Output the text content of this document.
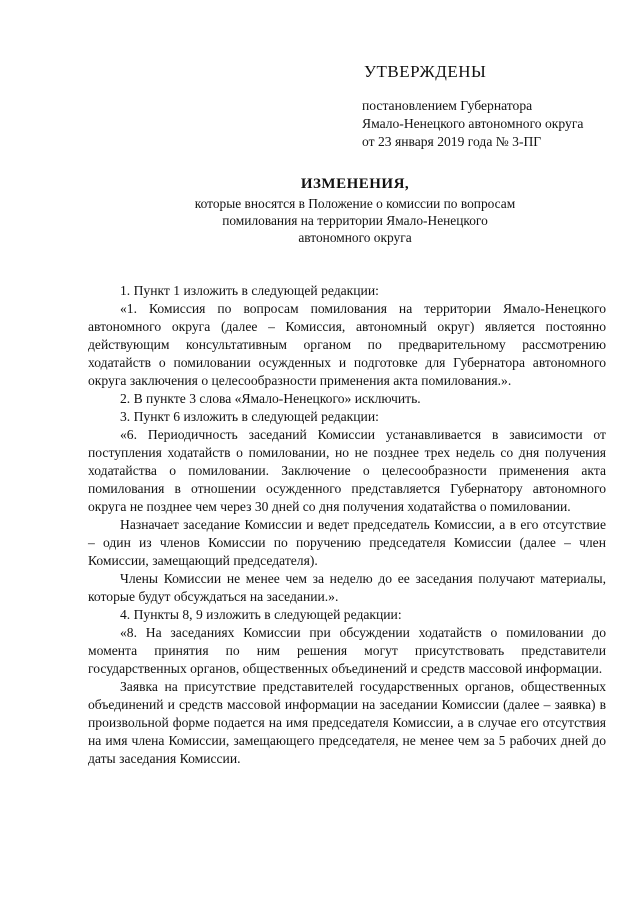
УТВЕРЖДЕНЫ
постановлением Губернатора
Ямало-Ненецкого автономного округа
от 23 января 2019 года № 3-ПГ
ИЗМЕНЕНИЯ,
которые вносятся в Положение о комиссии по вопросам
помилования на территории Ямало-Ненецкого
автономного округа

1. Пункт 1 изложить в следующей редакции:

«1. Комиссия по вопросам помилования на территории Ямало-Ненецкого автономного округа (далее – Комиссия, автономный округ) является постоянно действующим консультативным органом по предварительному рассмотрению ходатайств о помиловании осужденных и подготовке для Губернатора автономного округа заключения о целесообразности применения акта помилования.».

2. В пункте 3 слова «Ямало-Ненецкого» исключить.

3. Пункт 6 изложить в следующей редакции:

«6. Периодичность заседаний Комиссии устанавливается в зависимости от поступления ходатайств о помиловании, но не позднее трех недель со дня получения ходатайства о помиловании. Заключение о целесообразности применения акта помилования в отношении осужденного представляется Губернатору автономного округа не позднее чем через 30 дней со дня получения ходатайства о помиловании.

Назначает заседание Комиссии и ведет председатель Комиссии, а в его отсутствие – один из членов Комиссии по поручению председателя Комиссии (далее – член Комиссии, замещающий председателя).

Члены Комиссии не менее чем за неделю до ее заседания получают материалы, которые будут обсуждаться на заседании.».

4. Пункты 8, 9 изложить в следующей редакции:

«8. На заседаниях Комиссии при обсуждении ходатайств о помиловании до момента принятия по ним решения могут присутствовать представители государственных органов, общественных объединений и средств массовой информации.

Заявка на присутствие представителей государственных органов, общественных объединений и средств массовой информации на заседании Комиссии (далее – заявка) в произвольной форме подается на имя председателя Комиссии, а в случае его отсутствия на имя члена Комиссии, замещающего председателя, не менее чем за 5 рабочих дней до даты заседания Комиссии.
